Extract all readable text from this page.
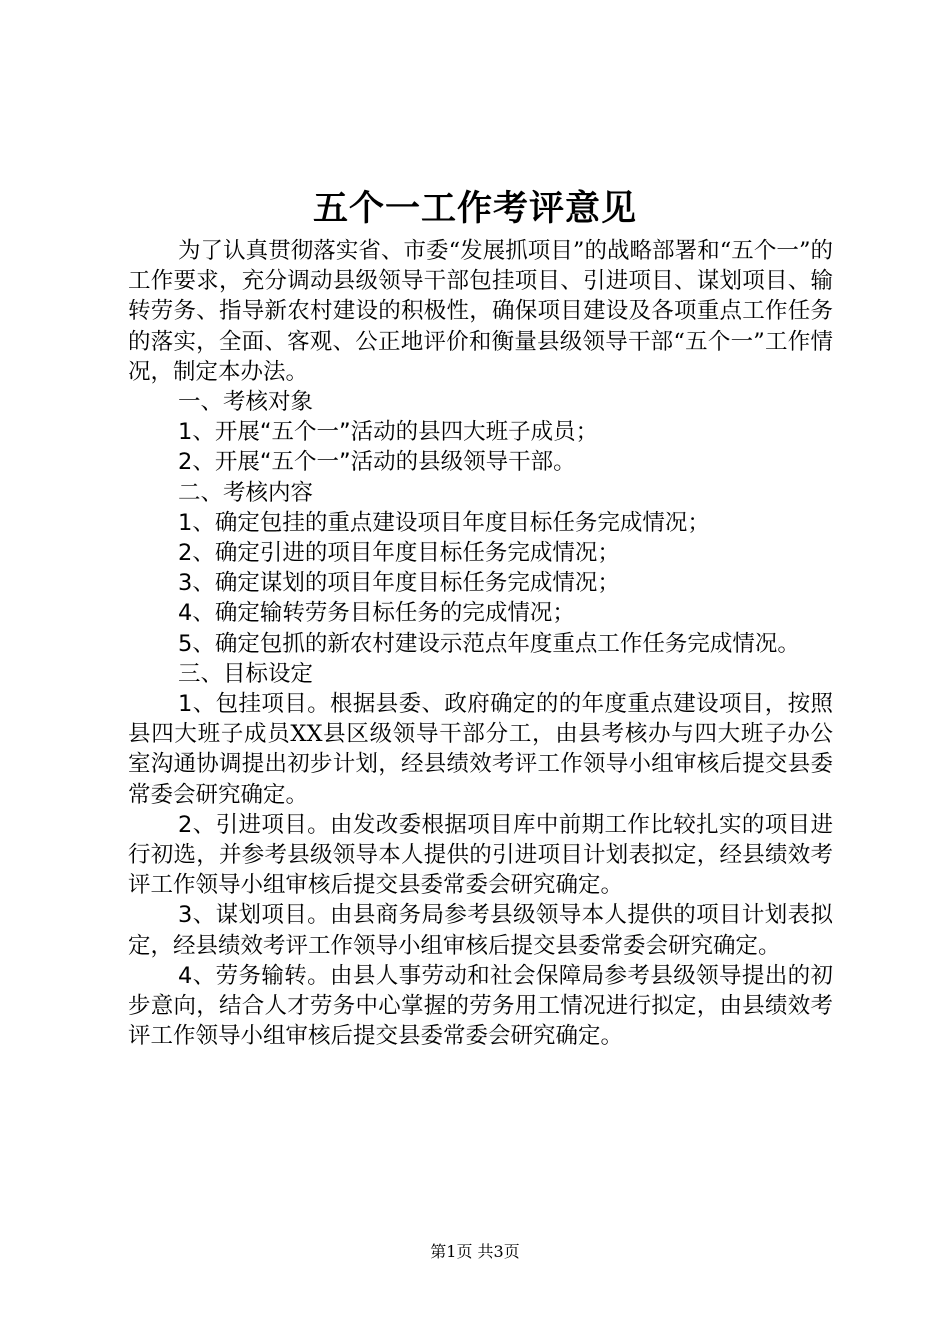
五个一工作考评意见

为了认真贯彻落实省、市委“发展抓项目”的战略部署和“五个一”的工作要求，充分调动县级领导干部包挂项目、引进项目、谋划项目、输转劳务、指导新农村建设的积极性，确保项目建设及各项重点工作任务的落实，全面、客观、公正地评价和衡量县级领导干部“五个一”工作情况，制定本办法。

一、考核对象

1、开展“五个一”活动的县四大班子成员；

2、开展“五个一”活动的县级领导干部。

二、考核内容

1、确定包挂的重点建设项目年度目标任务完成情况；

2、确定引进的项目年度目标任务完成情况；

3、确定谋划的项目年度目标任务完成情况；

4、确定输转劳务目标任务的完成情况；

5、确定包抓的新农村建设示范点年度重点工作任务完成情况。

三、目标设定

1、包挂项目。根据县委、政府确定的的年度重点建设项目，按照县四大班子成员XX县区级领导干部分工，由县考核办与四大班子办公室沟通协调提出初步计划，经县绩效考评工作领导小组审核后提交县委常委会研究确定。

2、引进项目。由发改委根据项目库中前期工作比较扎实的项目进行初选，并参考县级领导本人提供的引进项目计划表拟定，经县绩效考评工作领导小组审核后提交县委常委会研究确定。

3、谋划项目。由县商务局参考县级领导本人提供的项目计划表拟定，经县绩效考评工作领导小组审核后提交县委常委会研究确定。

4、劳务输转。由县人事劳动和社会保障局参考县级领导提出的初步意向，结合人才劳务中心掌握的劳务用工情况进行拟定，由县绩效考评工作领导小组审核后提交县委常委会研究确定。

第1页 共3页
